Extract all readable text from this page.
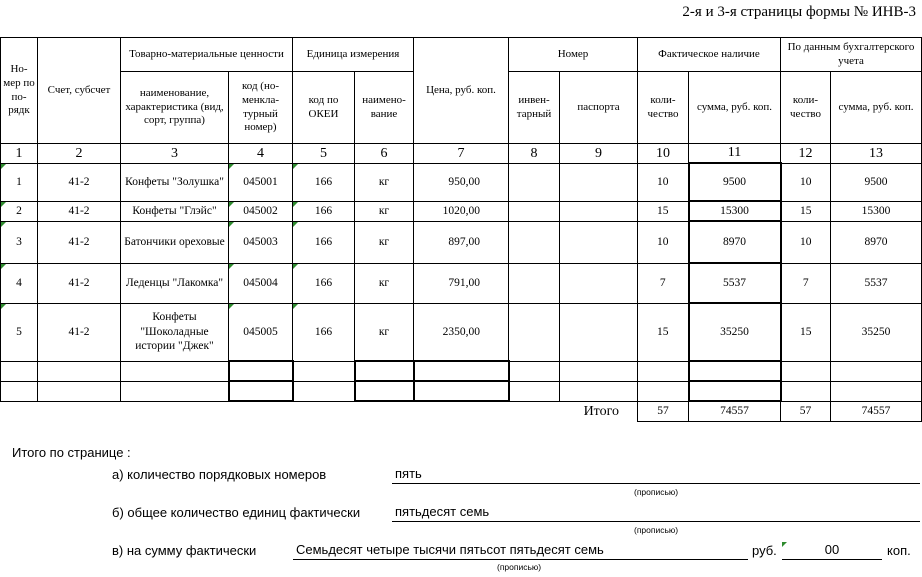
2-я и 3-я страницы формы № ИНВ-3
Но-мер по по-рядк	Счет, субсчет	Товарно-материальные ценности		Единица измерения		Цена, руб. коп.	Номер		Фактическое наличие		По данным бухгалтерского учета	
		наименование, характеристика (вид, сорт, группа)	код (но-менкла-турный номер)	код по ОКЕИ	наимено-вание		инвен-тарный	паспорта	коли-чество	сумма, руб. коп.	коли-чество	сумма, руб. коп.
1	2	3	4	5	6	7	8	9	10	11	12	13
1	41-2	Конфеты "Золушка"	045001	166	кг	950,00			10	9500	10	9500
2	41-2	Конфеты "Глэйс"	045002	166	кг	1020,00			15	15300	15	15300
3	41-2	Батончики ореховые	045003	166	кг	897,00			10	8970	10	8970
4	41-2	Леденцы "Лакомка"	045004	166	кг	791,00			7	5537	7	5537
5	41-2	Конфеты "Шоколадные истории "Джек"	045005	166	кг	2350,00			15	35250	15	35250

Итого									57	74557	57	74557
Итого по странице :
а) количество порядковых номеров	пять
(прописью)
б) общее количество единиц фактически	пятьдесят семь
(прописью)
в) на сумму фактически	Семьдесят четыре тысячи пятьсот пятьдесят семь	руб.	00	коп.
(прописью)
